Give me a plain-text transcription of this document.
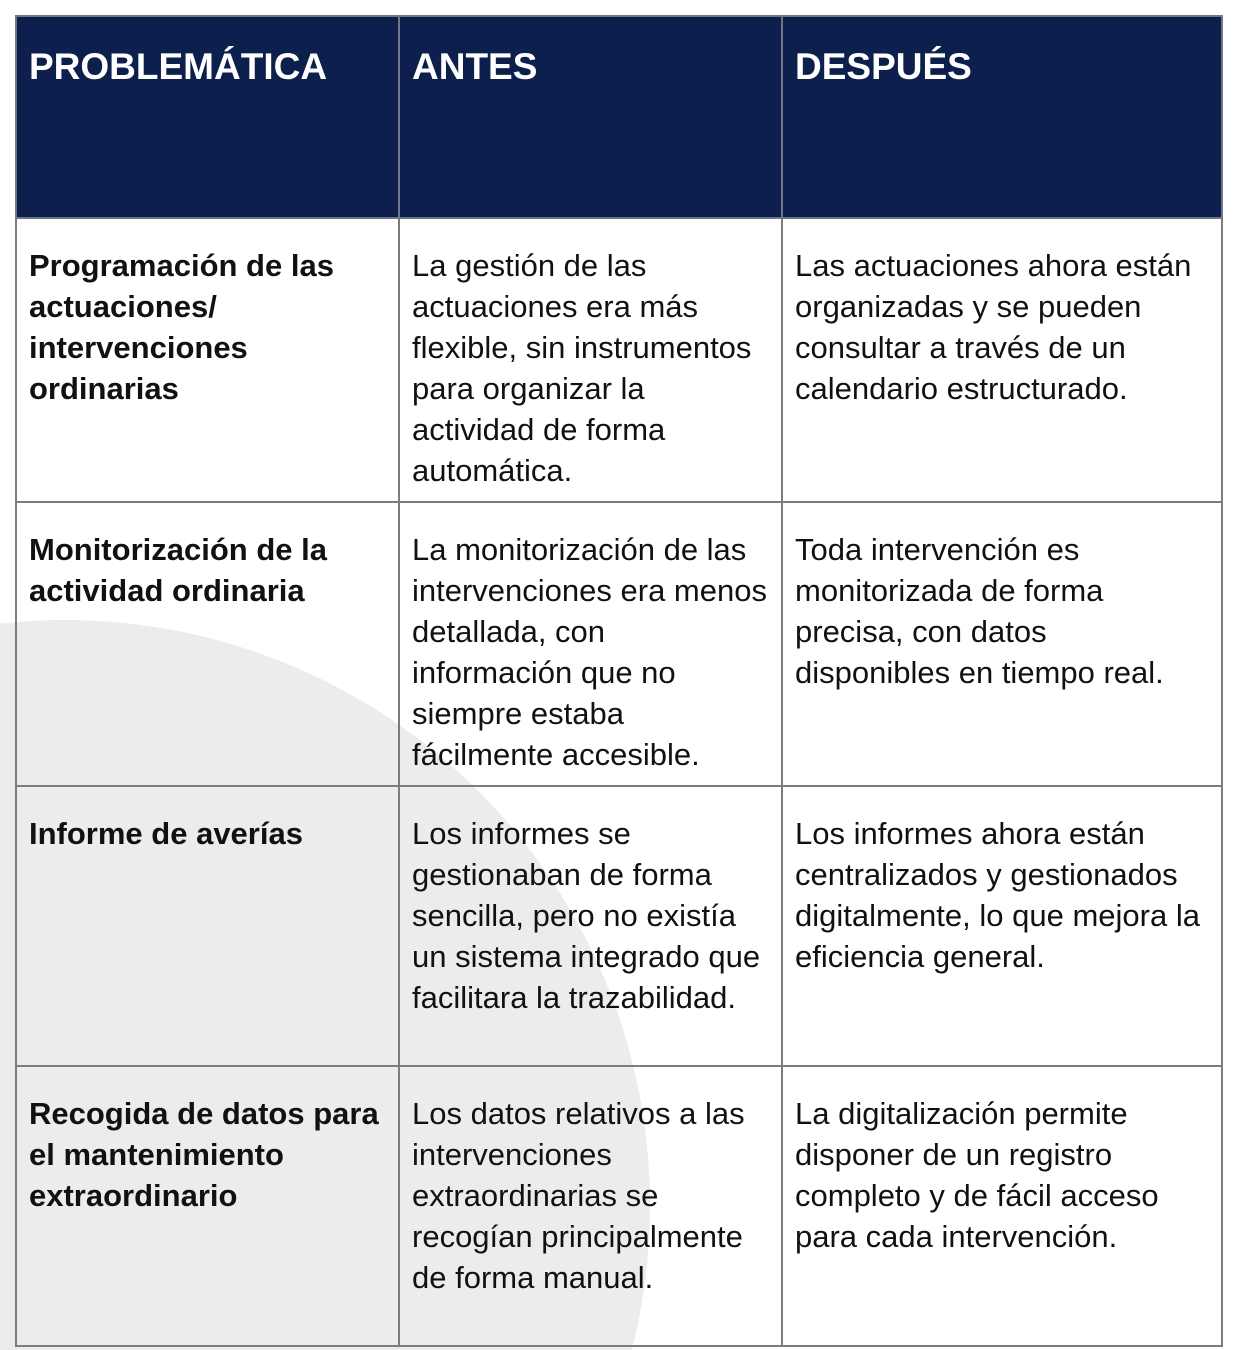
PROBLEMÁTICA	ANTES	DESPUÉS
Programación de las actuaciones/ intervenciones ordinarias	La gestión de las actuaciones era más flexible, sin instrumentos para organizar la actividad de forma automática.	Las actuaciones ahora están organizadas y se pueden consultar a través de un calendario estructurado.
Monitorización de la actividad ordinaria	La monitorización de las intervenciones era menos detallada, con información que no siempre estaba fácilmente accesible.	Toda intervención es monitorizada de forma precisa, con datos disponibles en tiempo real.
Informe de averías	Los informes se gestionaban de forma sencilla, pero no existía un sistema integrado que facilitara la trazabilidad.	Los informes ahora están centralizados y gestionados digitalmente, lo que mejora la eficiencia general.
Recogida de datos para el mantenimiento extraordinario	Los datos relativos a las intervenciones extraordinarias se recogían principalmente de forma manual.	La digitalización permite disponer de un registro completo y de fácil acceso para cada intervención.
